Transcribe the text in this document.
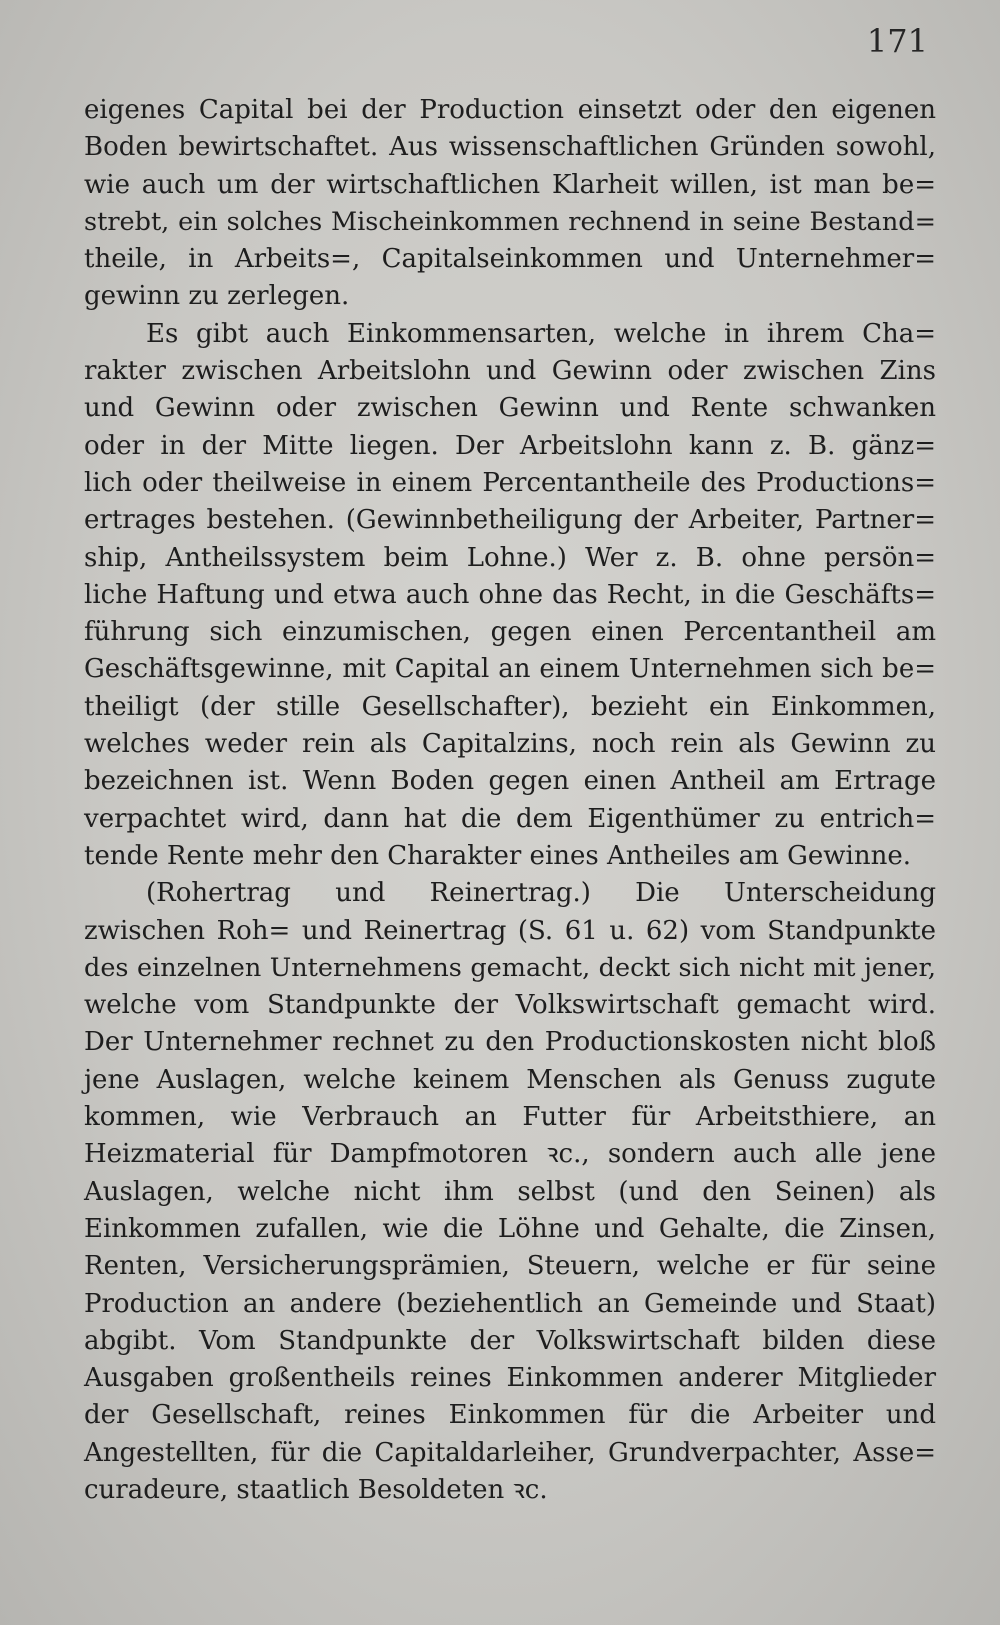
171
eigenes Capital bei der Production einsetzt oder den eigenen
Boden bewirtschaftet. Aus wissenschaftlichen Gründen sowohl,
wie auch um der wirtschaftlichen Klarheit willen, ist man be=
strebt, ein solches Mischeinkommen rechnend in seine Bestand=
theile, in Arbeits=, Capitalseinkommen und Unternehmer=
gewinn zu zerlegen.
Es gibt auch Einkommensarten, welche in ihrem Cha=
rakter zwischen Arbeitslohn und Gewinn oder zwischen Zins
und Gewinn oder zwischen Gewinn und Rente schwanken
oder in der Mitte liegen. Der Arbeitslohn kann z. B. gänz=
lich oder theilweise in einem Percentantheile des Productions=
ertrages bestehen. (Gewinnbetheiligung der Arbeiter, Partner=
ship, Antheilssystem beim Lohne.) Wer z. B. ohne persön=
liche Haftung und etwa auch ohne das Recht, in die Geschäfts=
führung sich einzumischen, gegen einen Percentantheil am
Geschäftsgewinne, mit Capital an einem Unternehmen sich be=
theiligt (der stille Gesellschafter), bezieht ein Einkommen,
welches weder rein als Capitalzins, noch rein als Gewinn zu
bezeichnen ist. Wenn Boden gegen einen Antheil am Ertrage
verpachtet wird, dann hat die dem Eigenthümer zu entrich=
tende Rente mehr den Charakter eines Antheiles am Gewinne.
(Rohertrag und Reinertrag.) Die Unterscheidung
zwischen Roh= und Reinertrag (S. 61 u. 62) vom Standpunkte
des einzelnen Unternehmens gemacht, deckt sich nicht mit jener,
welche vom Standpunkte der Volkswirtschaft gemacht wird.
Der Unternehmer rechnet zu den Productionskosten nicht bloß
jene Auslagen, welche keinem Menschen als Genuss zugute
kommen, wie Verbrauch an Futter für Arbeitsthiere, an
Heizmaterial für Dampfmotoren ꝛc., sondern auch alle jene
Auslagen, welche nicht ihm selbst (und den Seinen) als
Einkommen zufallen, wie die Löhne und Gehalte, die Zinsen,
Renten, Versicherungsprämien, Steuern, welche er für seine
Production an andere (beziehentlich an Gemeinde und Staat)
abgibt. Vom Standpunkte der Volkswirtschaft bilden diese
Ausgaben großentheils reines Einkommen anderer Mitglieder
der Gesellschaft, reines Einkommen für die Arbeiter und
Angestellten, für die Capitaldarleiher, Grundverpachter, Asse=
curadeure, staatlich Besoldeten ꝛc.
